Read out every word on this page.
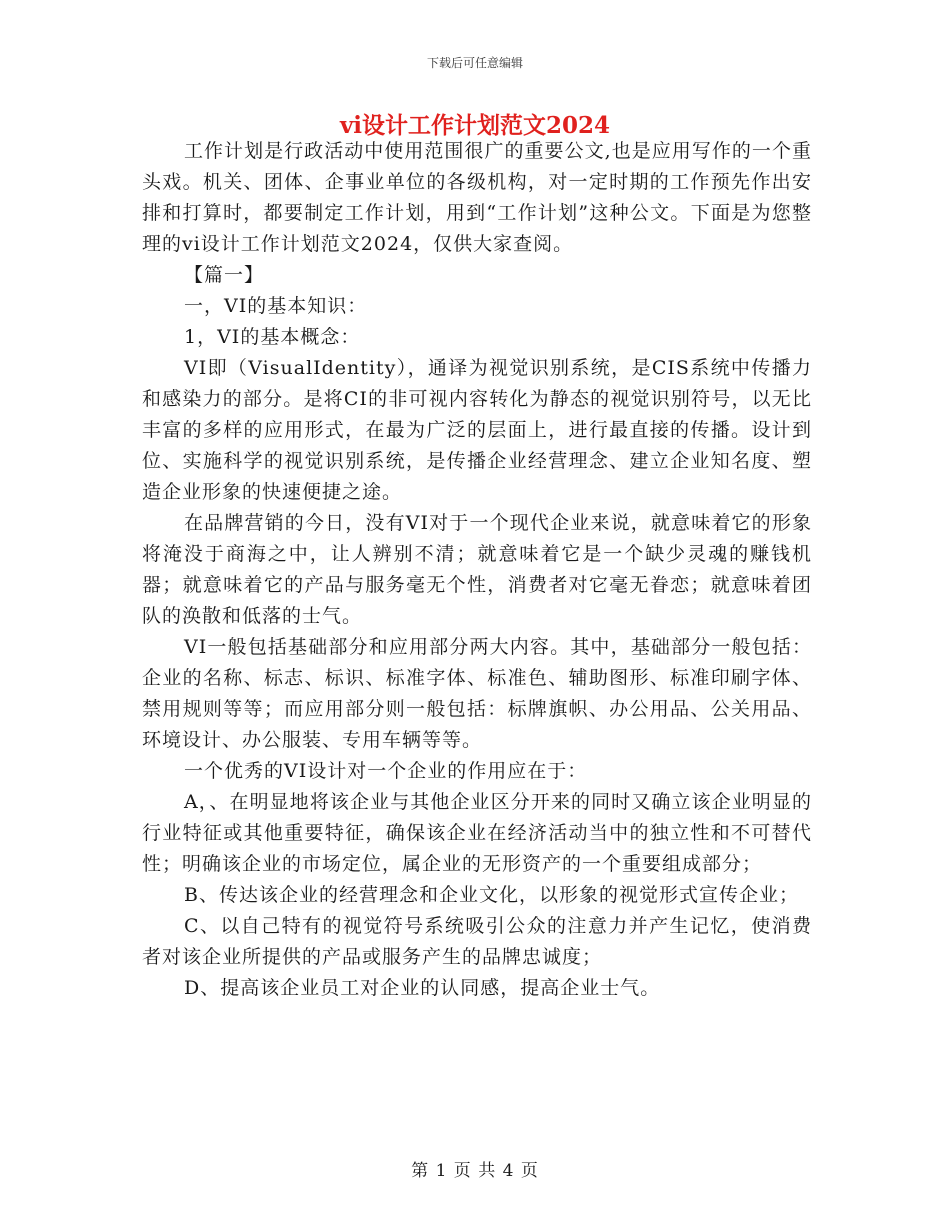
下载后可任意编辑
vi设计工作计划范文2024

工作计划是行政活动中使用范围很广的重要公文,也是应用写作的一个重头戏。机关、团体、企事业单位的各级机构，对一定时期的工作预先作出安排和打算时，都要制定工作计划，用到“工作计划”这种公文。下面是为您整理的vi设计工作计划范文2024，仅供大家查阅。

【篇一】

一，VI的基本知识：

1，VI的基本概念：

VI即（VisualIdentity），通译为视觉识别系统，是CIS系统中传播力和感染力的部分。是将CI的非可视内容转化为静态的视觉识别符号，以无比丰富的多样的应用形式，在最为广泛的层面上，进行最直接的传播。设计到位、实施科学的视觉识别系统，是传播企业经营理念、建立企业知名度、塑造企业形象的快速便捷之途。

在品牌营销的今日，没有VI对于一个现代企业来说，就意味着它的形象将淹没于商海之中，让人辨别不清；就意味着它是一个缺少灵魂的赚钱机器；就意味着它的产品与服务毫无个性，消费者对它毫无眷恋；就意味着团队的涣散和低落的士气。

VI一般包括基础部分和应用部分两大内容。其中，基础部分一般包括：企业的名称、标志、标识、标准字体、标准色、辅助图形、标准印刷字体、禁用规则等等；而应用部分则一般包括：标牌旗帜、办公用品、公关用品、环境设计、办公服装、专用车辆等等。

一个优秀的VI设计对一个企业的作用应在于：

A，、在明显地将该企业与其他企业区分开来的同时又确立该企业明显的行业特征或其他重要特征，确保该企业在经济活动当中的独立性和不可替代性；明确该企业的市场定位，属企业的无形资产的一个重要组成部分；

B、传达该企业的经营理念和企业文化，以形象的视觉形式宣传企业；

C、以自己特有的视觉符号系统吸引公众的注意力并产生记忆，使消费者对该企业所提供的产品或服务产生的品牌忠诚度；

D、提高该企业员工对企业的认同感，提高企业士气。

第 1 页 共 4 页
